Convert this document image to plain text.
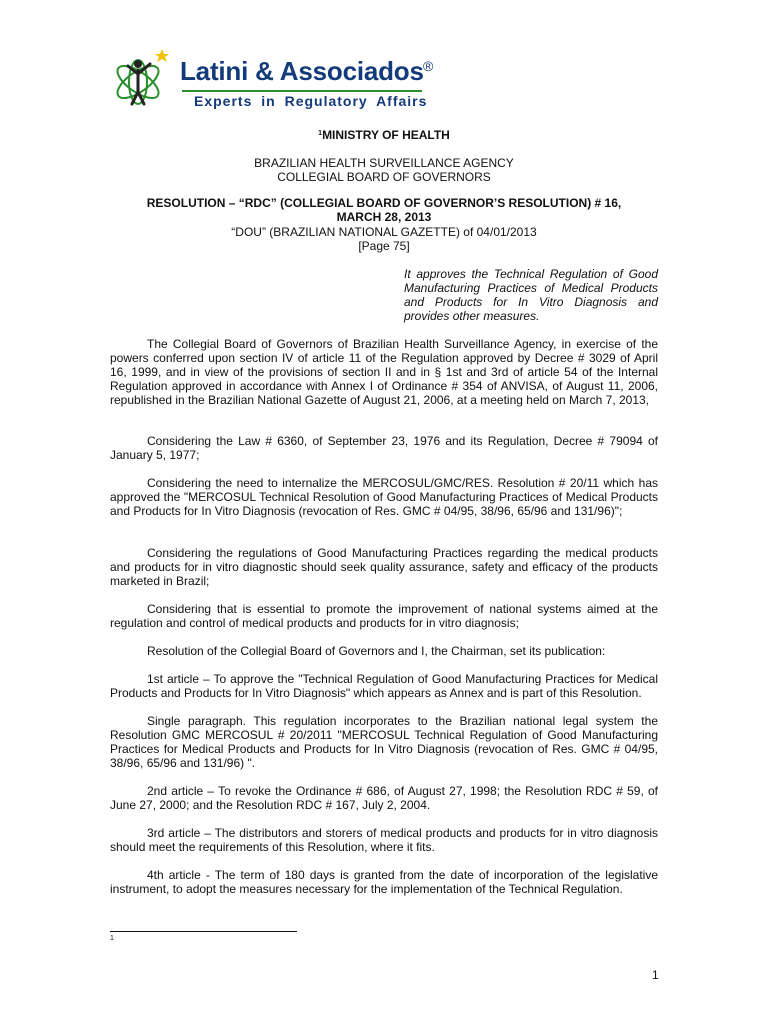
Latini & Associados ®
Experts in Regulatory Affairs
$^1$MINISTRY OF HEALTH
BRAZILIAN HEALTH SURVEILLANCE AGENCY
COLLEGIAL BOARD OF GOVERNORS
RESOLUTION – “RDC” (COLLEGIAL BOARD OF GOVERNOR’S RESOLUTION) # 16,
MARCH 28, 2013
“DOU” (BRAZILIAN NATIONAL GAZETTE) of 04/01/2013
[Page 75]
It approves the Technical Regulation of Good Manufacturing Practices of Medical Products and Products for In Vitro Diagnosis and provides other measures.

The Collegial Board of Governors of Brazilian Health Surveillance Agency, in exercise of the powers conferred upon section IV of article 11 of the Regulation approved by Decree # 3029 of April 16, 1999, and in view of the provisions of section II and in § 1st and 3rd of article 54 of the Internal Regulation approved in accordance with Annex I of Ordinance # 354 of ANVISA, of August 11, 2006, republished in the Brazilian National Gazette of August 21, 2006, at a meeting held on March 7, 2013,

Considering the Law # 6360, of September 23, 1976 and its Regulation, Decree # 79094 of January 5, 1977;

Considering the need to internalize the MERCOSUL/GMC/RES. Resolution # 20/11 which has approved the "MERCOSUL Technical Resolution of Good Manufacturing Practices of Medical Products and Products for In Vitro Diagnosis (revocation of Res. GMC # 04/95, 38/96, 65/96 and 131/96)";

Considering the regulations of Good Manufacturing Practices regarding the medical products and products for in vitro diagnostic should seek quality assurance, safety and efficacy of the products marketed in Brazil;

Considering that is essential to promote the improvement of national systems aimed at the regulation and control of medical products and products for in vitro diagnosis;

Resolution of the Collegial Board of Governors and I, the Chairman, set its publication:

1st article – To approve the "Technical Regulation of Good Manufacturing Practices for Medical Products and Products for In Vitro Diagnosis" which appears as Annex and is part of this Resolution.

Single paragraph. This regulation incorporates to the Brazilian national legal system the Resolution GMC MERCOSUL # 20/2011 "MERCOSUL Technical Regulation of Good Manufacturing Practices for Medical Products and Products for In Vitro Diagnosis (revocation of Res. GMC # 04/95, 38/96, 65/96 and 131/96) ".

2nd article – To revoke the Ordinance # 686, of August 27, 1998; the Resolution RDC # 59, of June 27, 2000; and the Resolution RDC # 167, July 2, 2004.

3rd article – The distributors and storers of medical products and products for in vitro diagnosis should meet the requirements of this Resolution, where it fits.

4th article - The term of 180 days is granted from the date of incorporation of the legislative instrument, to adopt the measures necessary for the implementation of the Technical Regulation.

1
1
